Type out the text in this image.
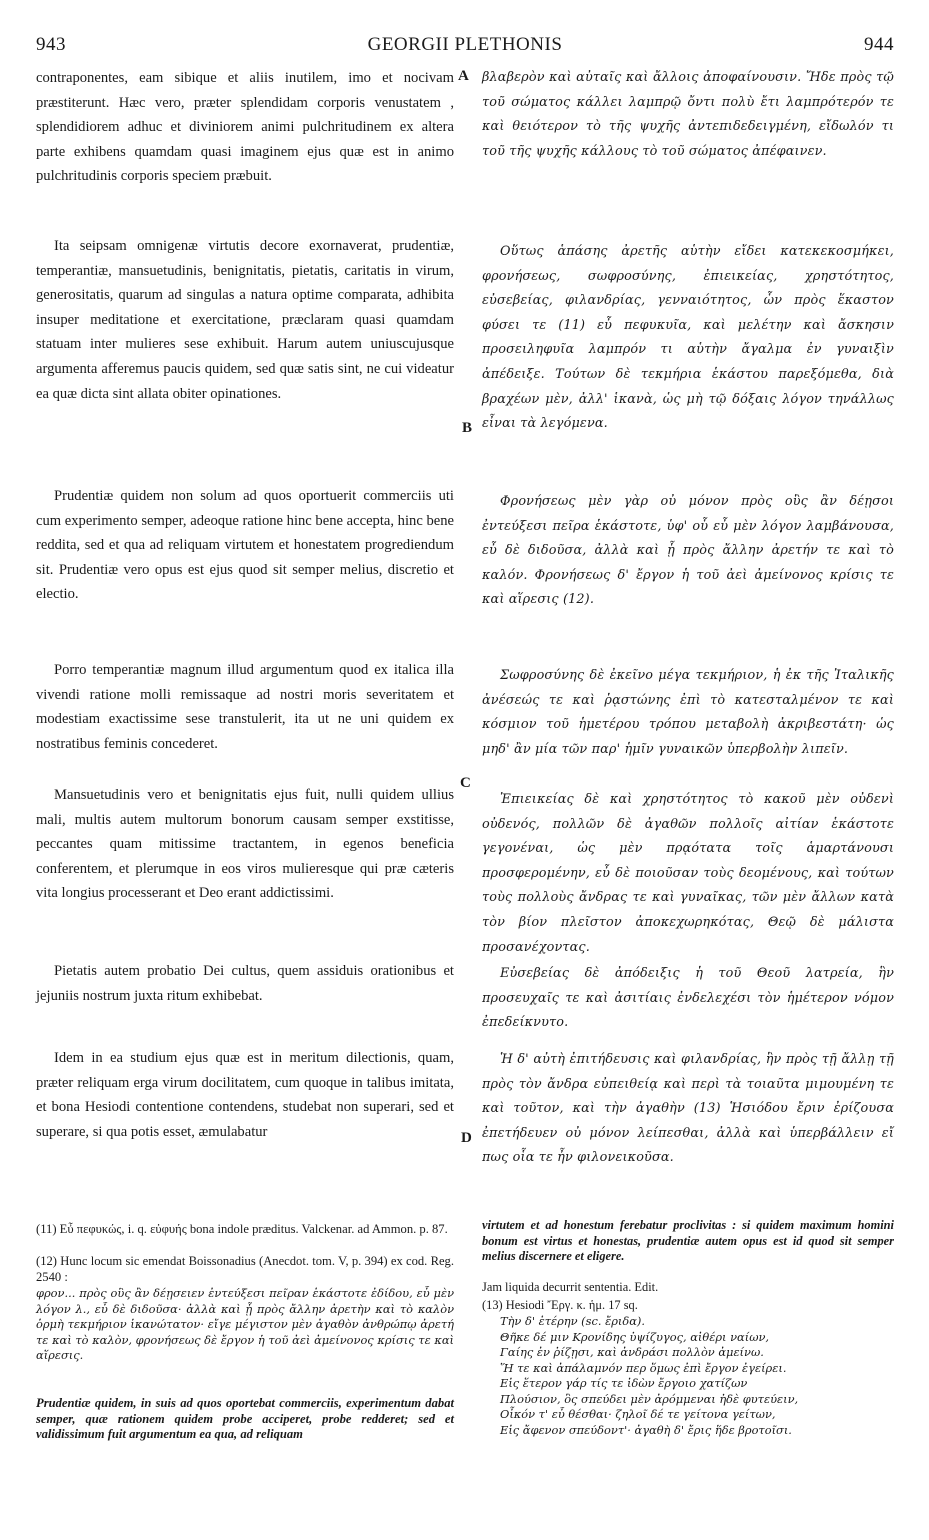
943	GEORGII PLETHONIS	944
A
B
C
D
contraponentes, eam sibique et aliis inutilem, imo et nocivam præstiterunt. Hæc vero, præter splendidam corporis venustatem , splendidiorem adhuc et diviniorem animi pulchritudinem ex altera parte exhibens quamdam quasi imaginem ejus quæ est in animo pulchritudinis corporis speciem præbuit.
Ita seipsam omnigenæ virtutis decore exornaverat, prudentiæ, temperantiæ, mansuetudinis, benignitatis, pietatis, caritatis in virum, generositatis, quarum ad singulas a natura optime comparata, adhibita insuper meditatione et exercitatione, præclaram quasi quamdam statuam inter mulieres sese exhibuit. Harum autem uniuscujusque argumenta afferemus paucis quidem, sed quæ satis sint, ne cui videatur ea quæ dicta sint allata obiter opinationes.
Prudentiæ quidem non solum ad quos oportuerit commerciis uti cum experimento semper, adeoque ratione hinc bene accepta, hinc bene reddita, sed et qua ad reliquam virtutem et honestatem progrediendum sit. Prudentiæ vero opus est ejus quod sit semper melius, discretio et electio.
Porro temperantiæ magnum illud argumentum quod ex italica illa vivendi ratione molli remissaque ad nostri moris severitatem et modestiam exactissime sese transtulerit, ita ut ne uni quidem ex nostratibus feminis concederet.
Mansuetudinis vero et benignitatis ejus fuit, nulli quidem ullius mali, multis autem multorum bonorum causam semper exstitisse, peccantes quam mitissime tractantem, in egenos beneficia conferentem, et plerumque in eos viros mulieresque qui præ cæteris vita longius processerant et Deo erant addictissimi.
Pietatis autem probatio Dei cultus, quem assiduis orationibus et jejuniis nostrum juxta ritum exhibebat.
Idem in ea studium ejus quæ est in meritum dilectionis, quam, præter reliquam erga virum docilitatem, cum quoque in talibus imitata, et bona Hesiodi contentione contendens, studebat non superari, sed et superare, si qua potis esset, æmulabatur
βλαβερὸν καὶ αὐταῖς καὶ ἄλλοις ἀποφαίνουσιν. Ἤδε πρὸς τῷ τοῦ σώματος κάλλει λαμπρῷ ὄντι πολὺ ἔτι λαμπρότερόν τε καὶ θειότερον τὸ τῆς ψυχῆς ἀντεπιδεδειγμένη, εἴδωλόν τι τοῦ τῆς ψυχῆς κάλλους τὸ τοῦ σώματος ἀπέφαινεν.
Οὕτως ἁπάσης ἀρετῆς αὑτὴν εἴδει κατεκεκοσμήκει, φρονήσεως, σωφροσύνης, ἐπιεικείας, χρηστότητος, εὐσεβείας, φιλανδρίας, γενναιότητος, ὧν πρὸς ἕκαστον φύσει τε (11) εὖ πεφυκυῖα, καὶ μελέτην καὶ ἄσκησιν προσειληφυῖα λαμπρόν τι αὑτὴν ἄγαλμα ἐν γυναιξὶν ἀπέδειξε. Τούτων δὲ τεκμήρια ἑκάστου παρεξόμεθα, διὰ βραχέων μὲν, ἀλλ' ἱκανὰ, ὡς μὴ τῷ δόξαις λόγον τηνάλλως εἶναι τὰ λεγόμενα.
Φρονήσεως μὲν γὰρ οὐ μόνον πρὸς οὓς ἂν δέῃσοι ἐντεύξεσι πεῖρα ἑκάστοτε, ὑφ' οὗ εὖ μὲν λόγον λαμβάνουσα, εὖ δὲ διδοῦσα, ἀλλὰ καὶ ᾗ πρὸς ἄλλην ἀρετήν τε καὶ τὸ καλόν. Φρονήσεως δ' ἔργον ἡ τοῦ ἀεὶ ἀμείνονος κρίσις τε καὶ αἵρεσις (12).
Σωφροσύνης δὲ ἐκεῖνο μέγα τεκμήριον, ἡ ἐκ τῆς Ἰταλικῆς ἀνέσεώς τε καὶ ῥᾳστώνης ἐπὶ τὸ κατεσταλμένον τε καὶ κόσμιον τοῦ ἡμετέρου τρόπου μεταβολὴ ἀκριβεστάτη· ὡς μηδ' ἂν μία τῶν παρ' ἡμῖν γυναικῶν ὑπερβολὴν λιπεῖν.
Ἐπιεικείας δὲ καὶ χρηστότητος τὸ κακοῦ μὲν οὐδενὶ οὐδενός, πολλῶν δὲ ἀγαθῶν πολλοῖς αἰτίαν ἑκάστοτε γεγονέναι, ὡς μὲν πρᾳότατα τοῖς ἁμαρτάνουσι προσφερομένην, εὖ δὲ ποιοῦσαν τοὺς δεομένους, καὶ τούτων τοὺς πολλοὺς ἄνδρας τε καὶ γυναῖκας, τῶν μὲν ἄλλων κατὰ τὸν βίον πλεῖστον ἀποκεχωρηκότας, Θεῷ δὲ μάλιστα προσανέχοντας.
Εὐσεβείας δὲ ἀπόδειξις ἡ τοῦ Θεοῦ λατρεία, ἣν προσευχαῖς τε καὶ ἀσιτίαις ἐνδελεχέσι τὸν ἡμέτερον νόμον ἐπεδείκνυτο.
Ἡ δ' αὐτὴ ἐπιτήδευσις καὶ φιλανδρίας, ἣν πρὸς τῇ ἄλλῃ τῇ πρὸς τὸν ἄνδρα εὐπειθείᾳ καὶ περὶ τὰ τοιαῦτα μιμουμένη τε καὶ τοῦτον, καὶ τὴν ἀγαθὴν (13) Ἡσιόδου ἔριν ἐρίζουσα ἐπετήδευεν οὐ μόνον λείπεσθαι, ἀλλὰ καὶ ὑπερβάλλειν εἴ πως οἷα τε ἦν φιλονεικοῦσα.
(11) Εὖ πεφυκώς, i. q. εὐφυής bona indole præditus. Valckenar. ad Ammon. p. 87.
(12) Hunc locum sic emendat Boissonadius (Anecdot. tom. V, p. 394) ex cod. Reg. 2540 :
φρον... πρὸς οὓς ἂν δέῃσειεν ἐντεύξεσι πεῖραν ἑκάστοτε ἐδίδου, εὖ μὲν λόγον λ., εὖ δὲ διδοῦσα· ἀλλὰ καὶ ᾗ πρὸς ἄλλην ἀρετὴν καὶ τὸ καλὸν ὁρμὴ τεκμήριον ἱκανώτατον· εἴγε μέγιστον μὲν ἀγαθὸν ἀνθρώπῳ ἀρετή τε καὶ τὸ καλὸν, φρονήσεως δὲ ἔργον ἡ τοῦ ἀεὶ ἀμείνονος κρίσις τε καὶ αἵρεσις.
Prudentiæ quidem, in suis ad quos oportebat commerciis, experimentum dabat semper, quæ rationem quidem probe acciperet, probe redderet; sed et validissimum fuit argumentum ea qua, ad reliquam
virtutem et ad honestum ferebatur proclivitas : si quidem maximum homini bonum est virtus et honestas, prudentiæ autem opus est id quod sit semper melius discernere et eligere.
Jam liquida decurrit sententia. Edit.
(13) Hesiodi Ἔργ. κ. ἡμ. 17 sq.
Τὴν δ' ἑτέρην (sc. ἔριδα).
Θῆκε δέ μιν Κρονίδης ὑψίζυγος, αἰθέρι ναίων,
Γαίης ἐν ῥίζῃσι, καὶ ἀνδράσι πολλὸν ἀμείνω.
Ἥ τε καὶ ἀπάλαμνόν περ ὅμως ἐπὶ ἔργον ἐγείρει.
Εἰς ἕτερον γάρ τίς τε ἰδὼν ἔργοιο χατίζων
Πλούσιον, ὃς σπεύδει μὲν ἀρόμμεναι ἠδὲ φυτεύειν,
Οἶκόν τ' εὖ θέσθαι· ζηλοῖ δέ τε γείτονα γείτων,
Εἰς ἄφενον σπεύδοντ'· ἀγαθὴ δ' ἔρις ἥδε βροτοῖσι.
